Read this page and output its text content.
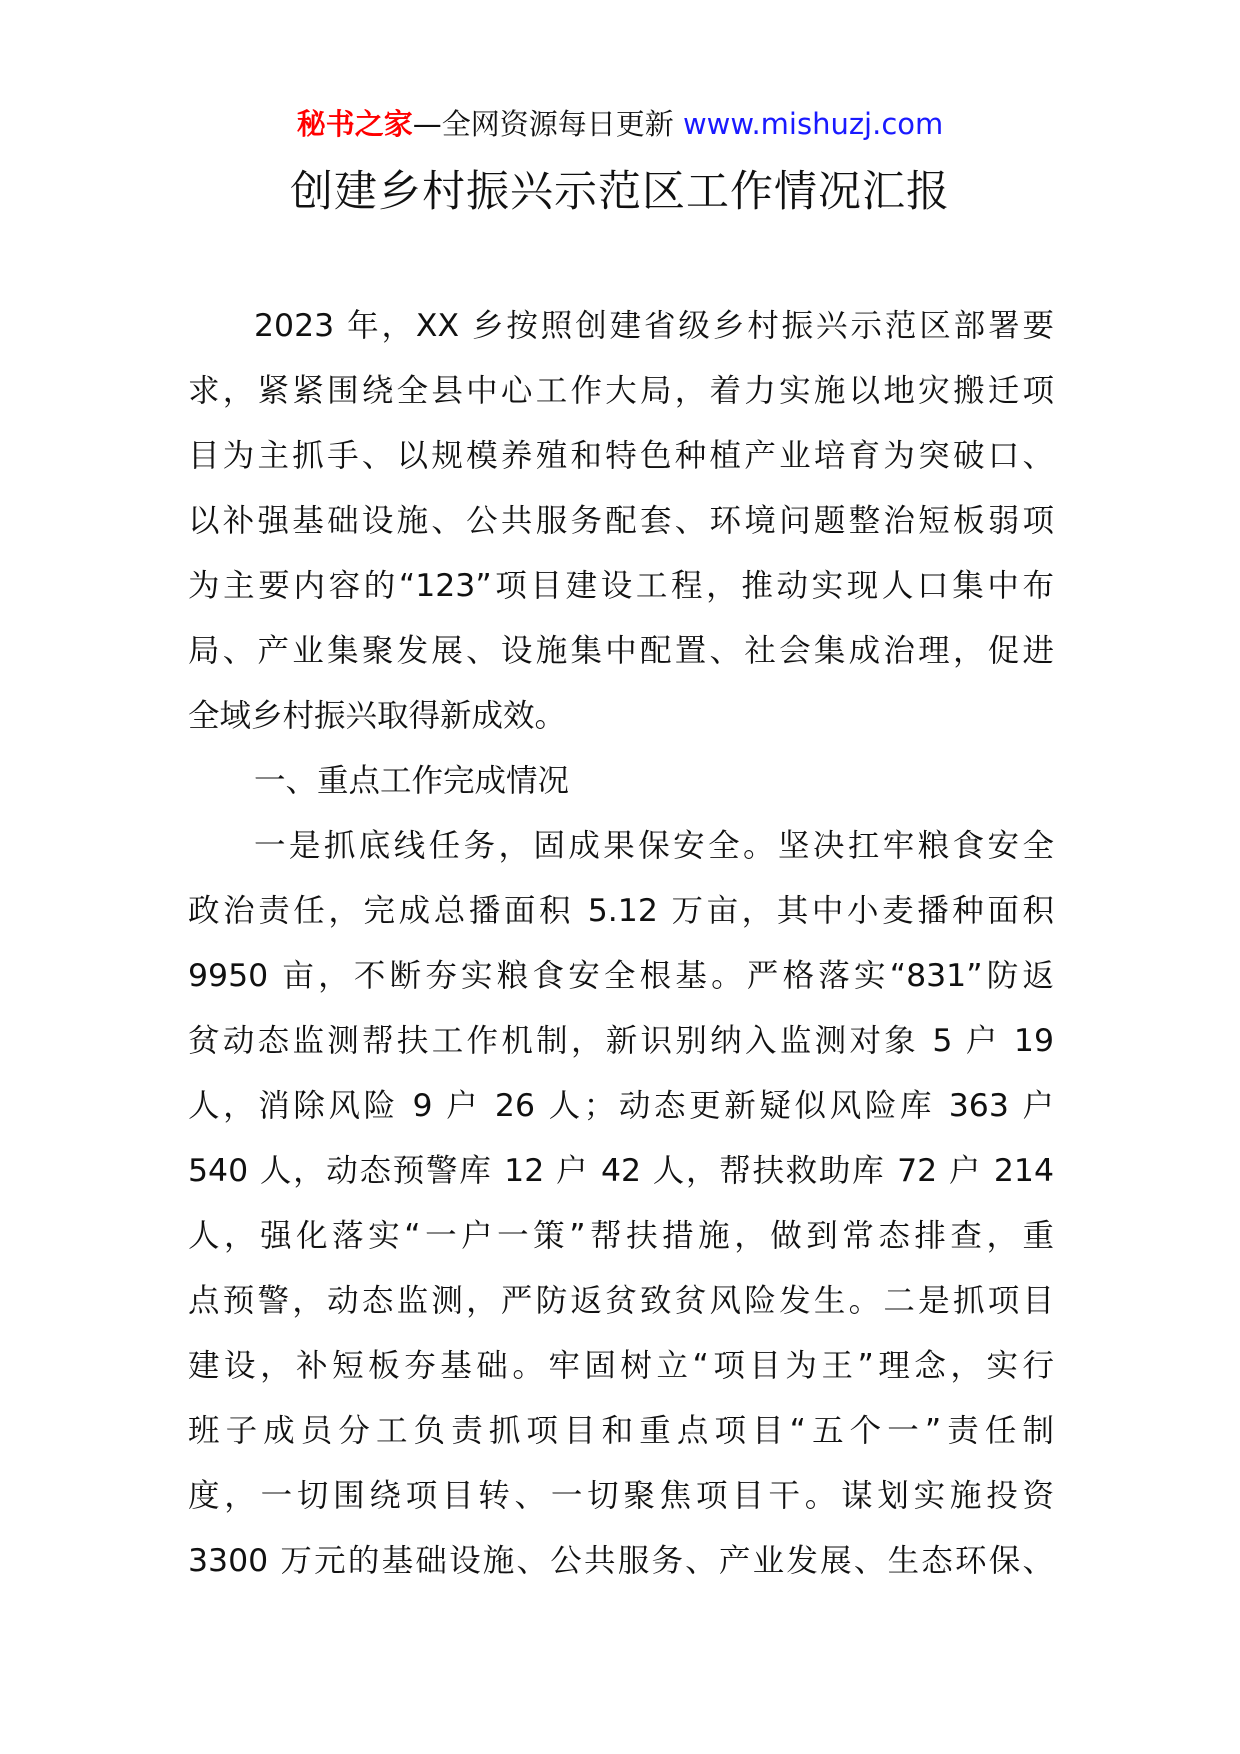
秘书之家—全网资源每日更新 www.mishuzj.com
创建乡村振兴示范区工作情况汇报
2023 年，XX 乡按照创建省级乡村振兴示范区部署要
求，紧紧围绕全县中心工作大局，着力实施以地灾搬迁项
目为主抓手、以规模养殖和特色种植产业培育为突破口、
以补强基础设施、公共服务配套、环境问题整治短板弱项
为主要内容的“123”项目建设工程，推动实现人口集中布
局、产业集聚发展、设施集中配置、社会集成治理，促进
全域乡村振兴取得新成效。
一、重点工作完成情况
一是抓底线任务，固成果保安全。坚决扛牢粮食安全
政治责任，完成总播面积 5.12 万亩，其中小麦播种面积
9950 亩，不断夯实粮食安全根基。严格落实“831”防返
贫动态监测帮扶工作机制，新识别纳入监测对象 5 户 19
人，消除风险 9 户 26 人；动态更新疑似风险库 363 户
540 人，动态预警库 12 户 42 人，帮扶救助库 72 户 214
人，强化落实“一户一策”帮扶措施，做到常态排查，重
点预警，动态监测，严防返贫致贫风险发生。二是抓项目
建设，补短板夯基础。牢固树立“项目为王”理念，实行
班子成员分工负责抓项目和重点项目“五个一”责任制
度，一切围绕项目转、一切聚焦项目干。谋划实施投资
3300 万元的基础设施、公共服务、产业发展、生态环保、
